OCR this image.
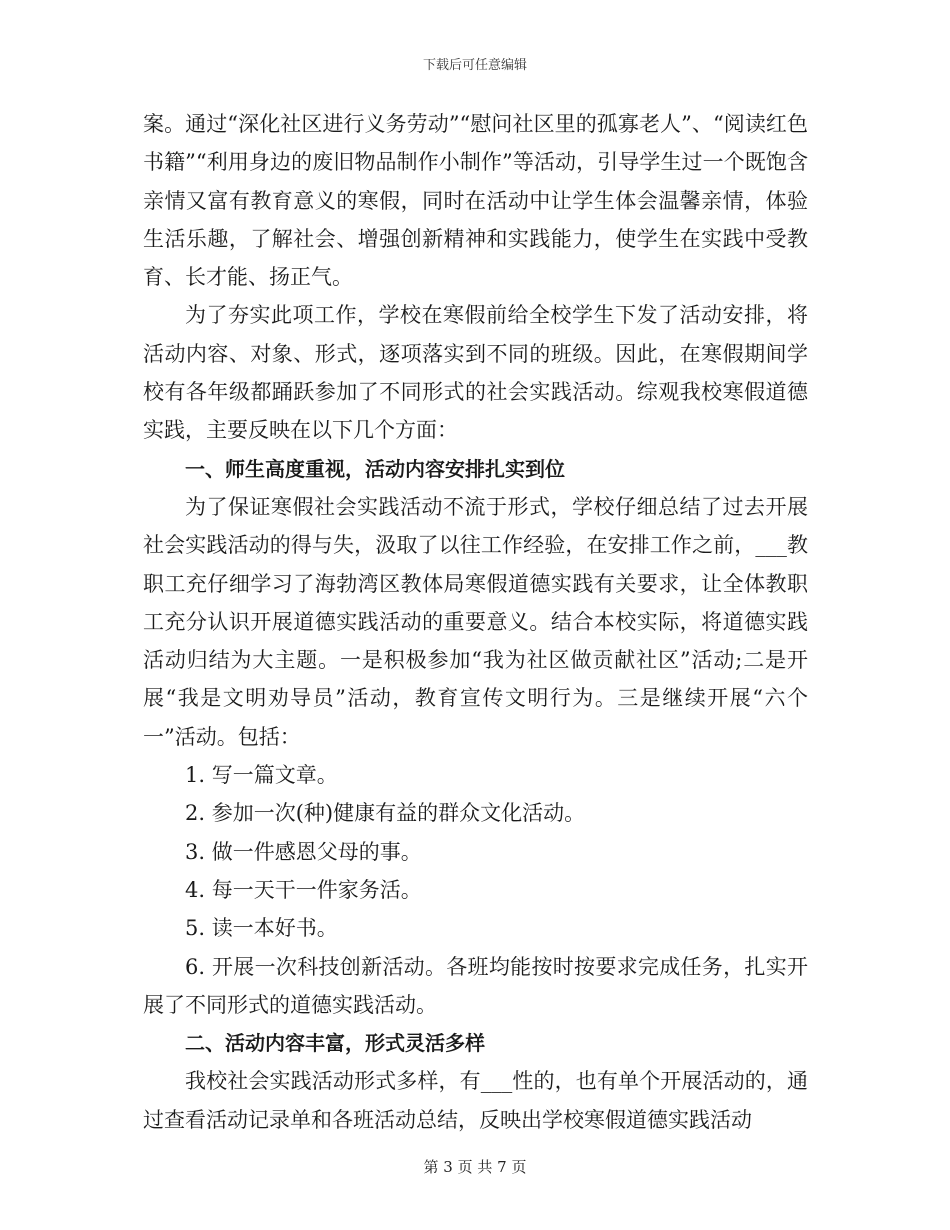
下载后可任意编辑

案。通过“深化社区进行义务劳动”“慰问社区里的孤寡老人”、“阅读红色书籍”“利用身边的废旧物品制作小制作”等活动，引导学生过一个既饱含亲情又富有教育意义的寒假，同时在活动中让学生体会温馨亲情，体验生活乐趣，了解社会、增强创新精神和实践能力，使学生在实践中受教育、长才能、扬正气。

为了夯实此项工作，学校在寒假前给全校学生下发了活动安排，将活动内容、对象、形式，逐项落实到不同的班级。因此，在寒假期间学校有各年级都踊跃参加了不同形式的社会实践活动。综观我校寒假道德实践，主要反映在以下几个方面：

一、师生高度重视，活动内容安排扎实到位

为了保证寒假社会实践活动不流于形式，学校仔细总结了过去开展社会实践活动的得与失，汲取了以往工作经验，在安排工作之前，___教职工充仔细学习了海勃湾区教体局寒假道德实践有关要求，让全体教职工充分认识开展道德实践活动的重要意义。结合本校实际，将道德实践活动归结为大主题。一是积极参加“我为社区做贡献社区”活动;二是开展“我是文明劝导员”活动，教育宣传文明行为。三是继续开展“六个一”活动。包括：

1. 写一篇文章。

2. 参加一次(种)健康有益的群众文化活动。

3. 做一件感恩父母的事。

4. 每一天干一件家务活。

5. 读一本好书。

6. 开展一次科技创新活动。各班均能按时按要求完成任务，扎实开展了不同形式的道德实践活动。

二、活动内容丰富，形式灵活多样

我校社会实践活动形式多样，有___性的，也有单个开展活动的，通过查看活动记录单和各班活动总结，反映出学校寒假道德实践活动

第 3 页 共 7 页
